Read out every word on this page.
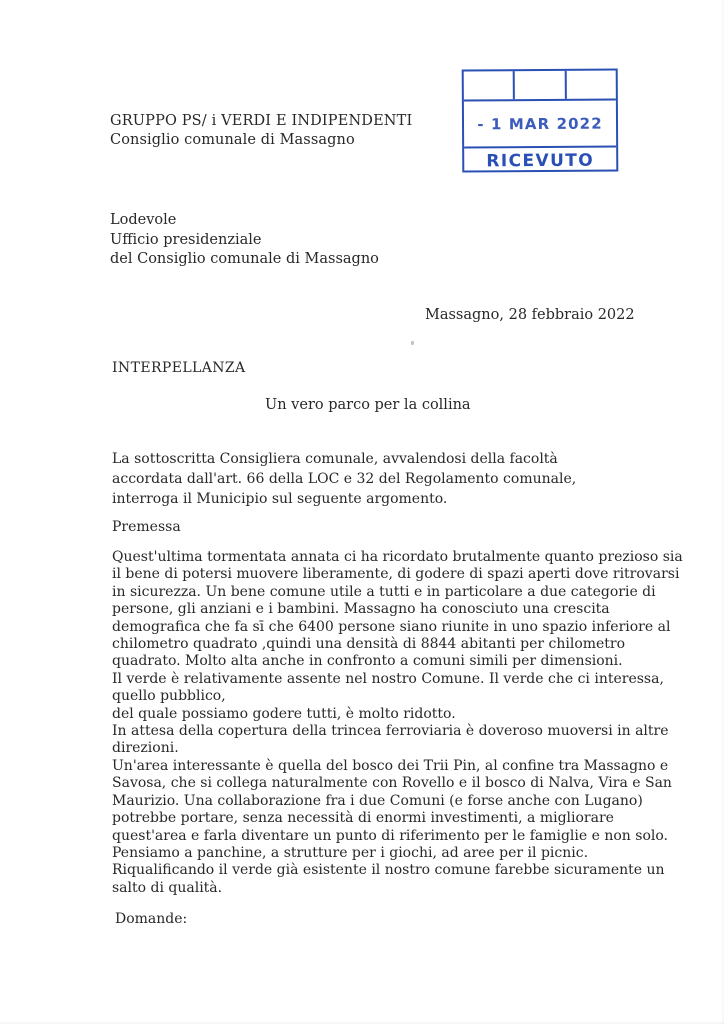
GRUPPO PS/ i VERDI E INDIPENDENTI
Consiglio comunale di Massagno
- 1 MAR 2022
RICEVUTO
Lodevole
Ufficio presidenziale
del Consiglio comunale di Massagno
Massagno, 28 febbraio 2022
INTERPELLANZA
Un vero parco per la collina
La sottoscritta Consigliera comunale, avvalendosi della facoltà accordata dall'art. 66 della LOC e 32 del Regolamento comunale, interroga il Municipio sul seguente argomento.
Premessa
Quest'ultima tormentata annata ci ha ricordato brutalmente quanto prezioso sia
il bene di potersi muovere liberamente, di godere di spazi aperti dove ritrovarsi
in sicurezza. Un bene comune utile a tutti e in particolare a due categorie di
persone, gli anziani e i bambini. Massagno ha conosciuto una crescita
demografica che fa sī che 6400 persone siano riunite in uno spazio inferiore al
chilometro quadrato ,quindi una densità di 8844 abitanti per chilometro
quadrato. Molto alta anche in confronto a comuni simili per dimensioni.
Il verde è relativamente assente nel nostro Comune. Il verde che ci interessa,
quello pubblico,
del quale possiamo godere tutti, è molto ridotto.
In attesa della copertura della trincea ferroviaria è doveroso muoversi in altre
direzioni.
Un'area interessante è quella del bosco dei Trii Pin, al confine tra Massagno e
Savosa, che si collega naturalmente con Rovello e il bosco di Nalva, Vira e San
Maurizio. Una collaborazione fra i due Comuni (e forse anche con Lugano)
potrebbe portare, senza necessità di enormi investimenti, a migliorare
quest'area e farla diventare un punto di riferimento per le famiglie e non solo.
Pensiamo a panchine, a strutture per i giochi, ad aree per il picnic.
Riqualificando il verde già esistente il nostro comune farebbe sicuramente un
salto di qualità.
Domande:
